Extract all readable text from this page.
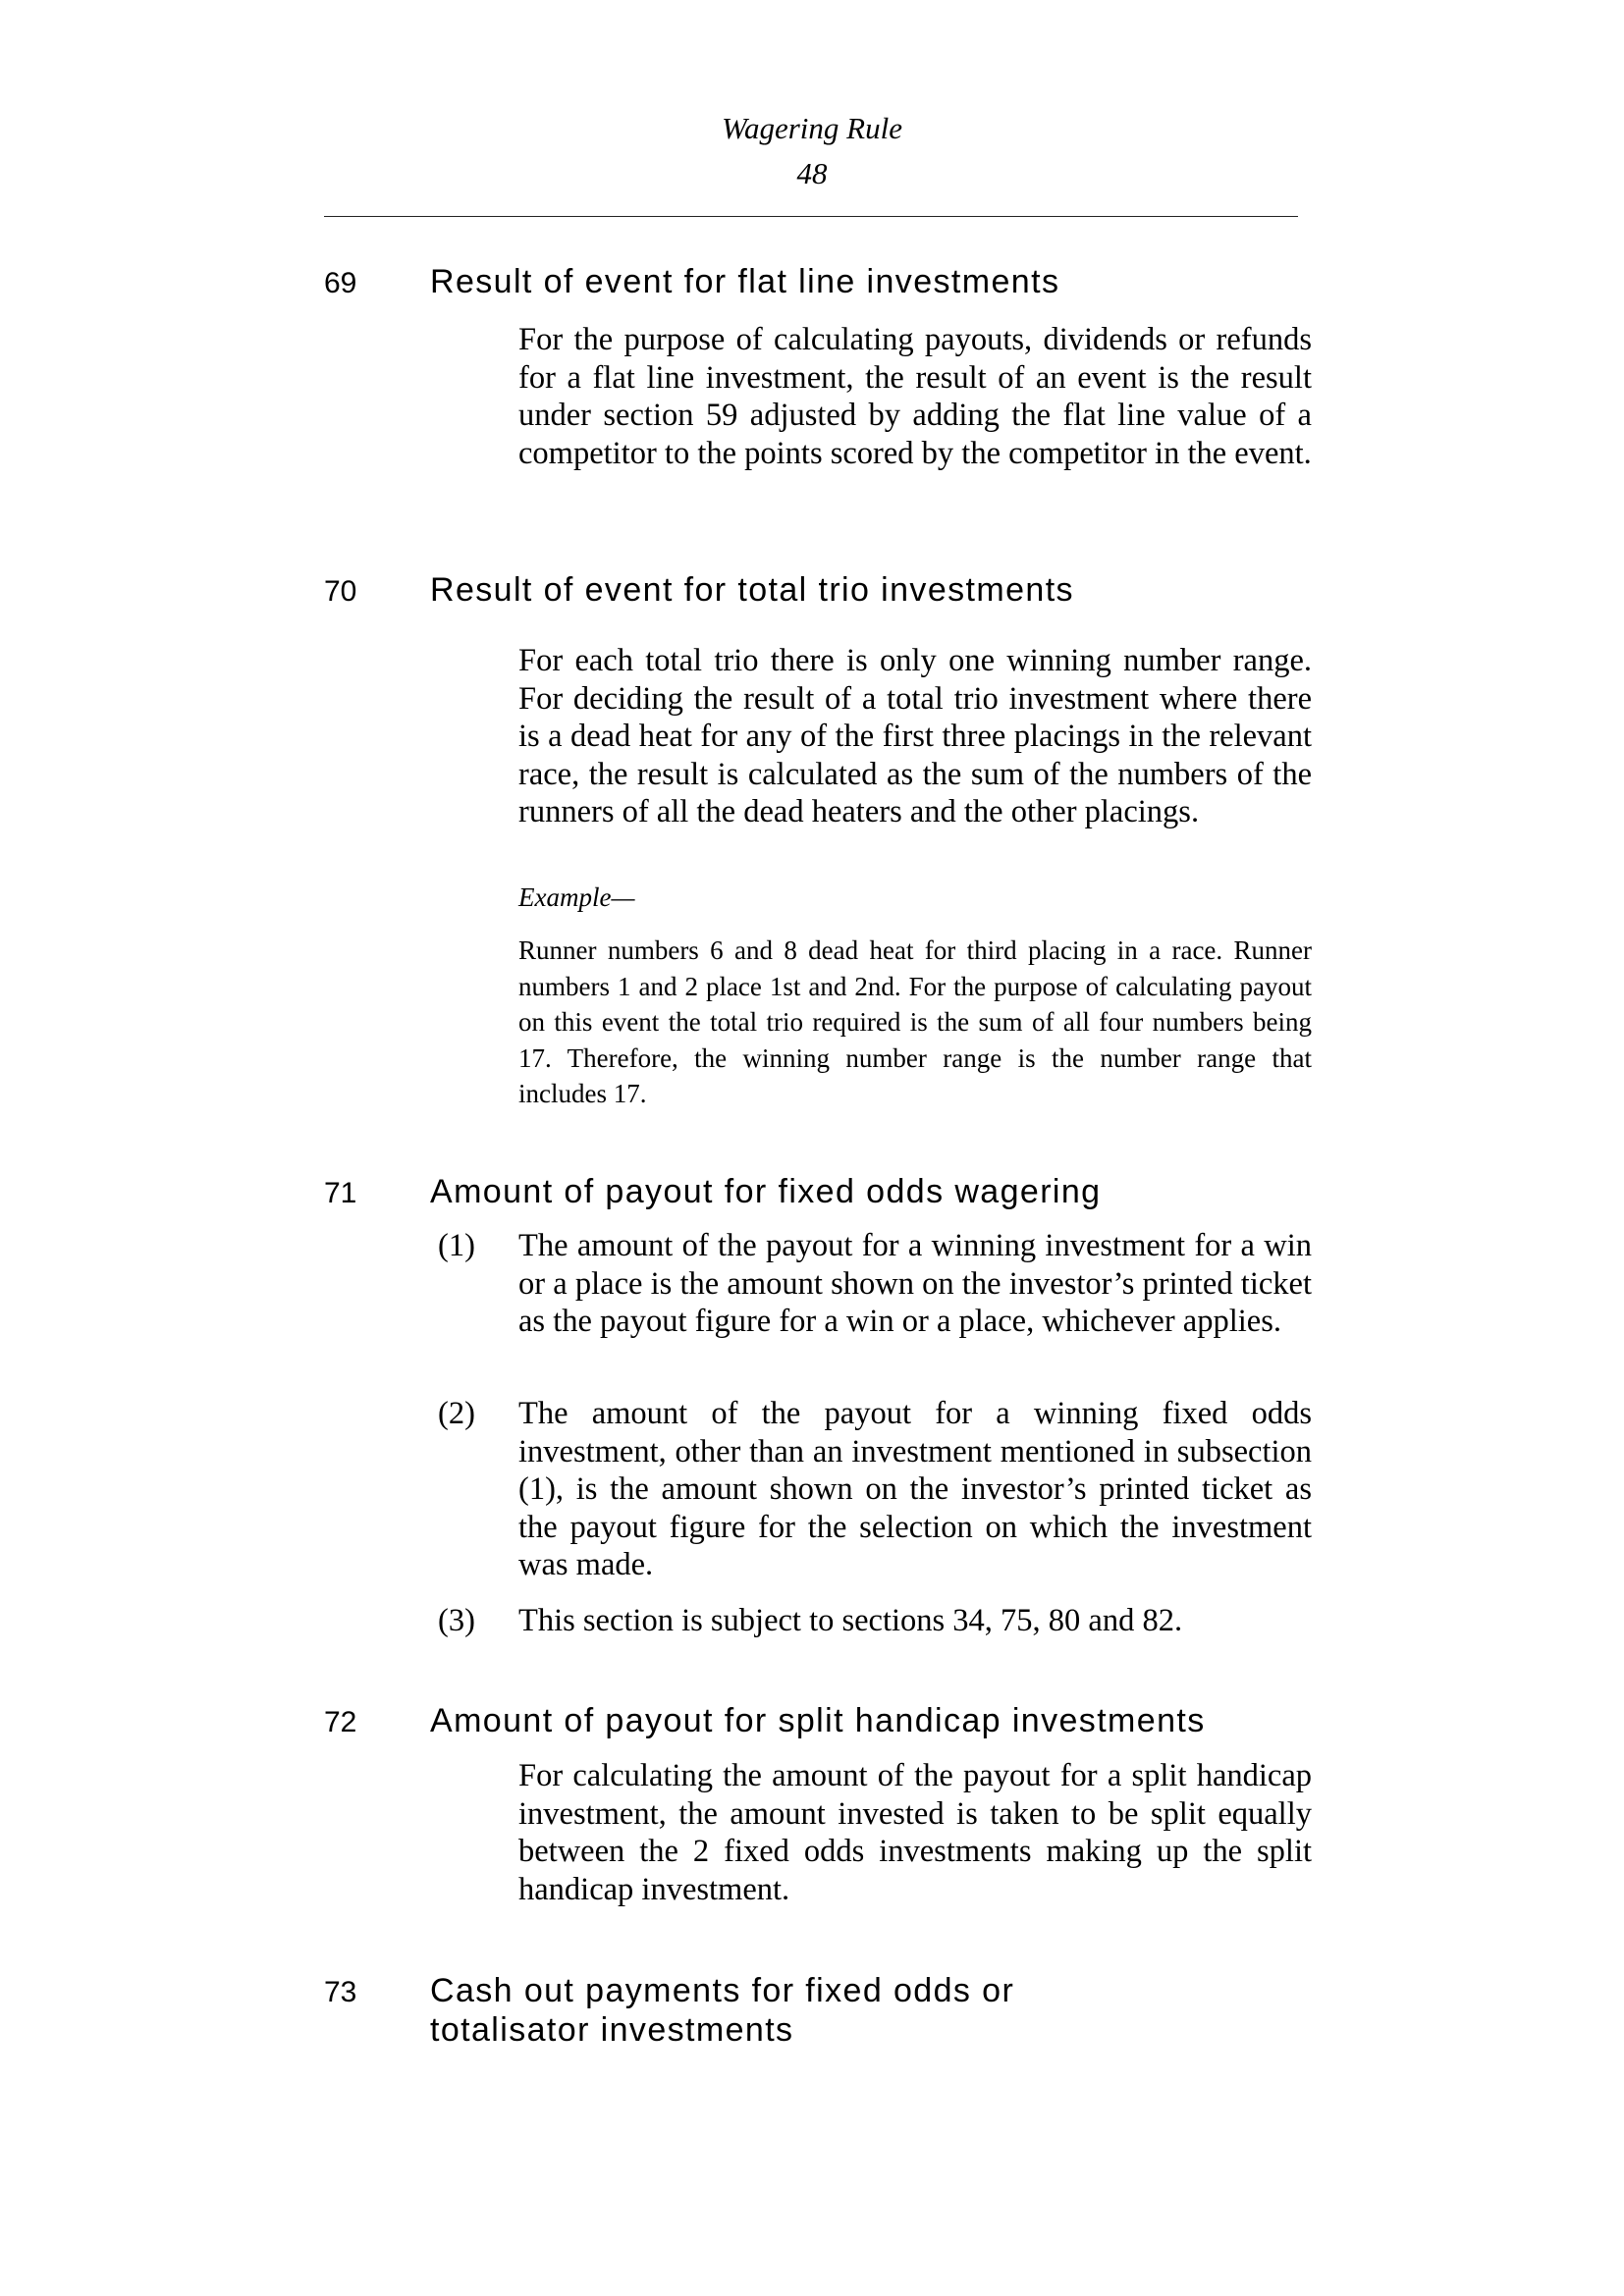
Wagering Rule
48
69 Result of event for flat line investments

For the purpose of calculating payouts, dividends or refunds for a flat line investment, the result of an event is the result under section 59 adjusted by adding the flat line value of a competitor to the points scored by the competitor in the event.

70 Result of event for total trio investments

For each total trio there is only one winning number range. For deciding the result of a total trio investment where there is a dead heat for any of the first three placings in the relevant race, the result is calculated as the sum of the numbers of the runners of all the dead heaters and the other placings.

Example—

Runner numbers 6 and 8 dead heat for third placing in a race. Runner numbers 1 and 2 place 1st and 2nd. For the purpose of calculating payout on this event the total trio required is the sum of all four numbers being 17. Therefore, the winning number range is the number range that includes 17.

71 Amount of payout for fixed odds wagering
(1) The amount of the payout for a winning investment for a win or a place is the amount shown on the investor’s printed ticket as the payout figure for a win or a place, whichever applies.

(2) The amount of the payout for a winning fixed odds investment, other than an investment mentioned in subsection (1), is the amount shown on the investor’s printed ticket as the payout figure for the selection on which the investment was made.

(3) This section is subject to sections 34, 75, 80 and 82.

72 Amount of payout for split handicap investments

For calculating the amount of the payout for a split handicap investment, the amount invested is taken to be split equally between the 2 fixed odds investments making up the split handicap investment.

73 Cash out payments for fixed odds or totalisator investments
